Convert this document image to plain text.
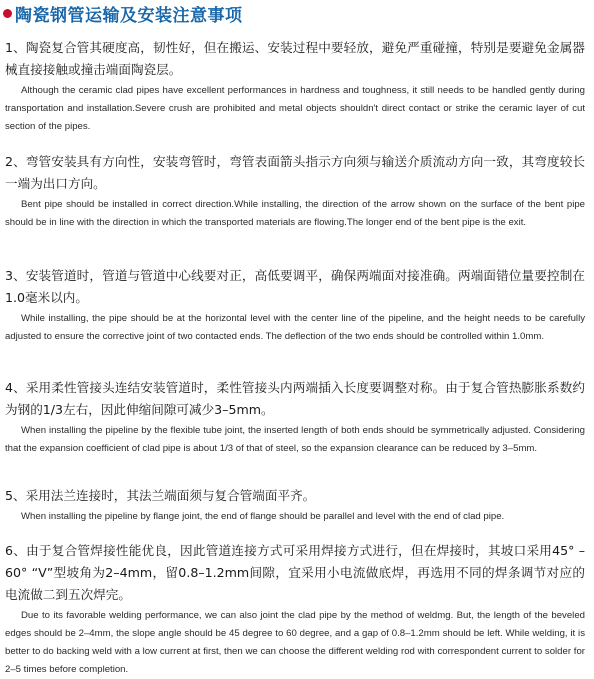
陶瓷钢管运输及安装注意事项

1、陶瓷复合管其硬度高，韧性好，但在搬运、安装过程中要轻放，避免严重碰撞，特别是要避免金属器械直接接触或撞击端面陶瓷层。

Although the ceramic clad pipes have excellent performances in hardness and toughness, it still needs to be handled gently during transportation and installation.Severe crush are prohibited and metal objects shouldn't direct contact or strike the ceramic layer of cut section of the pipes.

2、弯管安装具有方向性，安装弯管时，弯管表面箭头指示方向须与输送介质流动方向一致，其弯度较长一端为出口方向。

Bent pipe should be installed in correct direction.While installing, the direction of the arrow shown on the surface of the bent pipe should be in line with the direction in which the transported materials are flowing.The longer end of the bent pipe is the exit.

3、安装管道时，管道与管道中心线要对正，高低要调平，确保两端面对接准确。两端面错位量要控制在1.0毫米以内。

While installing, the pipe should be at the horizontal level with the center line of the pipeline, and the height needs to be carefully adjusted to ensure the corrective joint of two contacted ends. The deflection of the two ends should be controlled within 1.0mm.

4、采用柔性管接头连结安装管道时，柔性管接头内两端插入长度要调整对称。由于复合管热膨胀系数约为钢的1/3左右，因此伸缩间隙可减少3–5mm。

When installing the pipeline by the flexible tube joint, the inserted length of both ends should be symmetrically adjusted. Considering that the expansion coefficient of clad pipe is about 1/3 of that of steel, so the expansion clearance can be reduced by 3–5mm.

5、采用法兰连接时，其法兰端面须与复合管端面平齐。

When installing the pipeline by flange joint, the end of flange should be parallel and level with the end of clad pipe.

6、由于复合管焊接性能优良，因此管道连接方式可采用焊接方式进行，但在焊接时，其坡口采用45° – 60° “V”型坡角为2–4mm，留0.8–1.2mm间隙，宜采用小电流做底焊，再选用不同的焊条调节对应的电流做二到五次焊完。

Due to its favorable welding performance, we can also joint the clad pipe by the method of weldmg. But, the length of the beveled edges should be 2–4mm, the slope angle should be 45 degree to 60 degree, and a gap of 0.8–1.2mm should be left. While welding, it is better to do backing weld with a low current at first, then we can choose the different welding rod with correspondent current to solder for 2–5 times before completion.
